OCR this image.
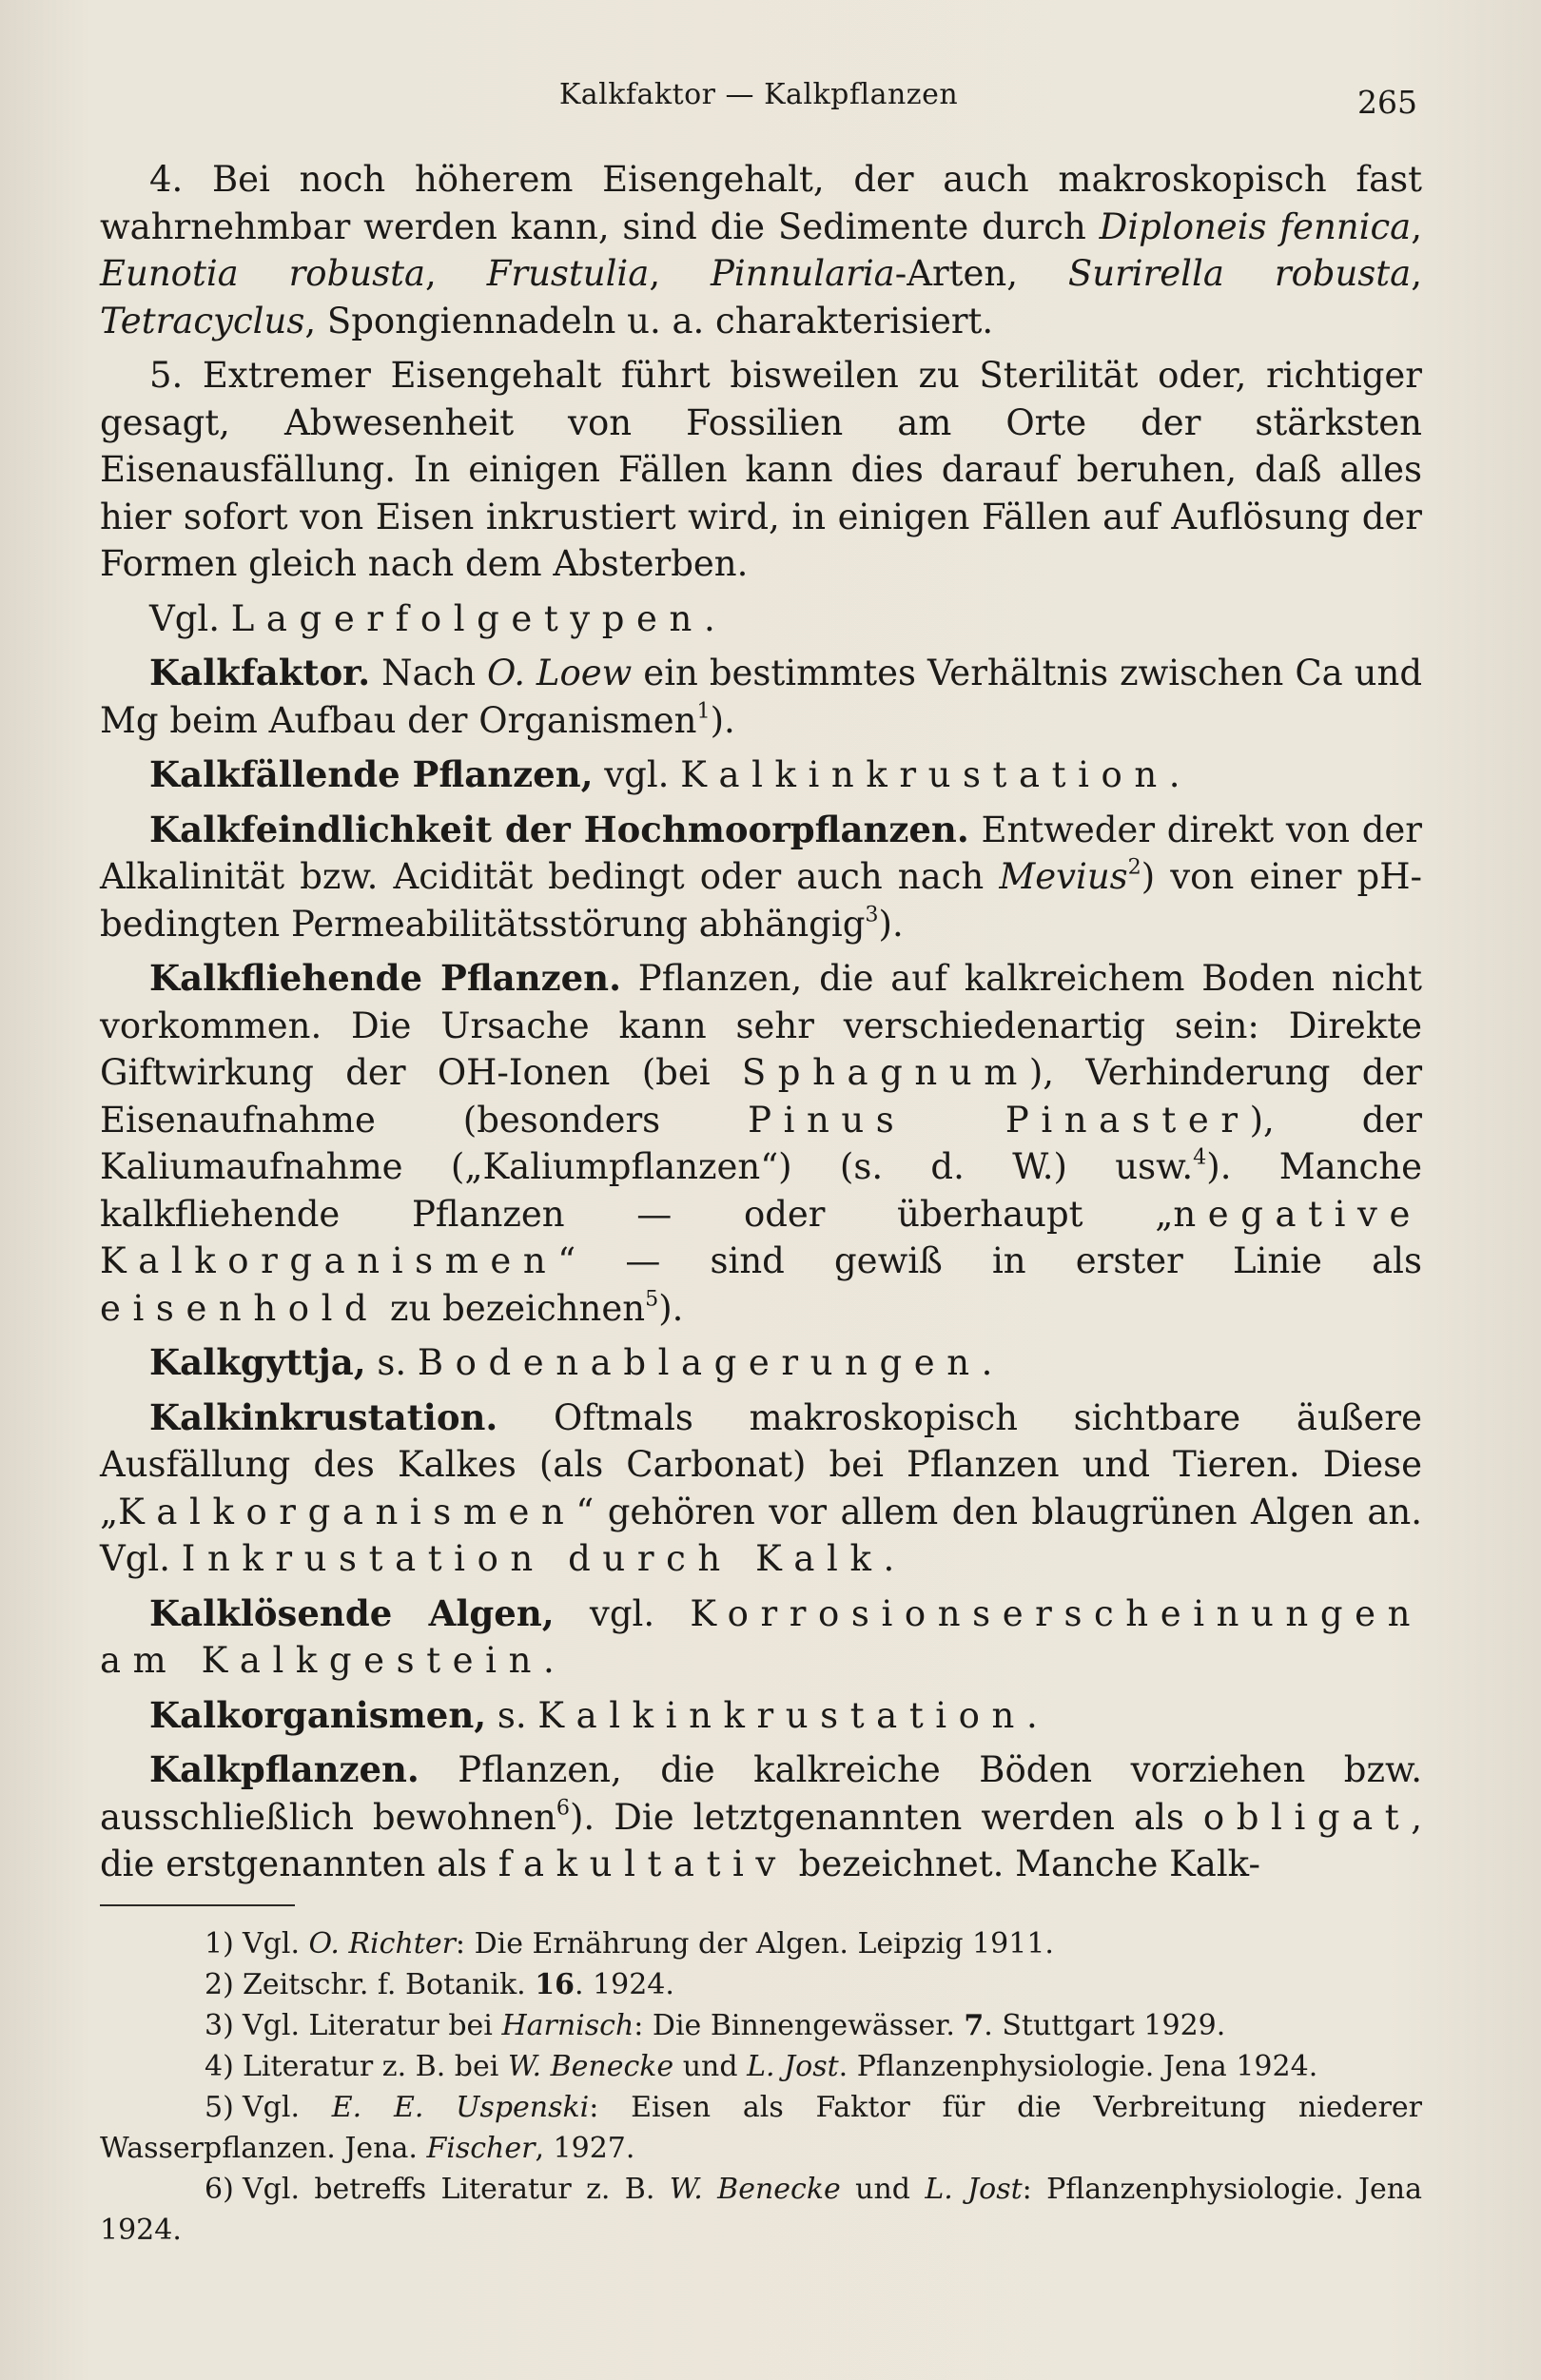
Kalkfaktor — Kalkpflanzen	265

4. Bei noch höherem Eisengehalt, der auch makroskopisch fast wahrnehmbar werden kann, sind die Sedimente durch Diploneis fennica, Eunotia robusta, Frustulia, Pinnularia-Arten, Surirella robusta, Tetracyclus, Spongiennadeln u. a. charakterisiert.

5. Extremer Eisengehalt führt bisweilen zu Sterilität oder, richtiger gesagt, Abwesenheit von Fossilien am Orte der stärksten Eisenausfällung. In einigen Fällen kann dies darauf beruhen, daß alles hier sofort von Eisen inkrustiert wird, in einigen Fällen auf Auflösung der Formen gleich nach dem Absterben.

Vgl. Lagerfolgetypen.

Kalkfaktor. Nach O. Loew ein bestimmtes Verhältnis zwischen Ca und Mg beim Aufbau der Organismen$^1$).

Kalkfällende Pflanzen, vgl. Kalkinkrustation.

Kalkfeindlichkeit der Hochmoorpflanzen. Entweder direkt von der Alkalinität bzw. Acidität bedingt oder auch nach Mevius$^2$) von einer pH-bedingten Permeabilitätsstörung abhängig$^3$).

Kalkfliehende Pflanzen. Pflanzen, die auf kalkreichem Boden nicht vorkommen. Die Ursache kann sehr verschiedenartig sein: Direkte Giftwirkung der OH-Ionen (bei Sphagnum), Verhinderung der Eisenaufnahme (besonders Pinus Pinaster), der Kaliumaufnahme („Kaliumpflanzen“) (s. d. W.) usw.$^4$). Manche kalkfliehende Pflanzen — oder überhaupt „negative Kalkorganismen“ — sind gewiß in erster Linie als eisenhold zu bezeichnen$^5$).

Kalkgyttja, s. Bodenablagerungen.

Kalkinkrustation. Oftmals makroskopisch sichtbare äußere Ausfällung des Kalkes (als Carbonat) bei Pflanzen und Tieren. Diese „Kalkorganismen“ gehören vor allem den blaugrünen Algen an. Vgl. Inkrustation durch Kalk.

Kalklösende Algen, vgl. Korrosionserscheinungen am Kalkgestein.

Kalkorganismen, s. Kalkinkrustation.

Kalkpflanzen. Pflanzen, die kalkreiche Böden vorziehen bzw. ausschließlich bewohnen$^6$). Die letztgenannten werden als obligat, die erstgenannten als fakultativ bezeichnet. Manche Kalk-

1) Vgl. O. Richter: Die Ernährung der Algen. Leipzig 1911.

2) Zeitschr. f. Botanik. 16. 1924.

3) Vgl. Literatur bei Harnisch: Die Binnengewässer. 7. Stuttgart 1929.

4) Literatur z. B. bei W. Benecke und L. Jost. Pflanzenphysiologie. Jena 1924.

5) Vgl. E. E. Uspenski: Eisen als Faktor für die Verbreitung niederer Wasserpflanzen. Jena. Fischer, 1927.

6) Vgl. betreffs Literatur z. B. W. Benecke und L. Jost: Pflanzenphysiologie. Jena 1924.
